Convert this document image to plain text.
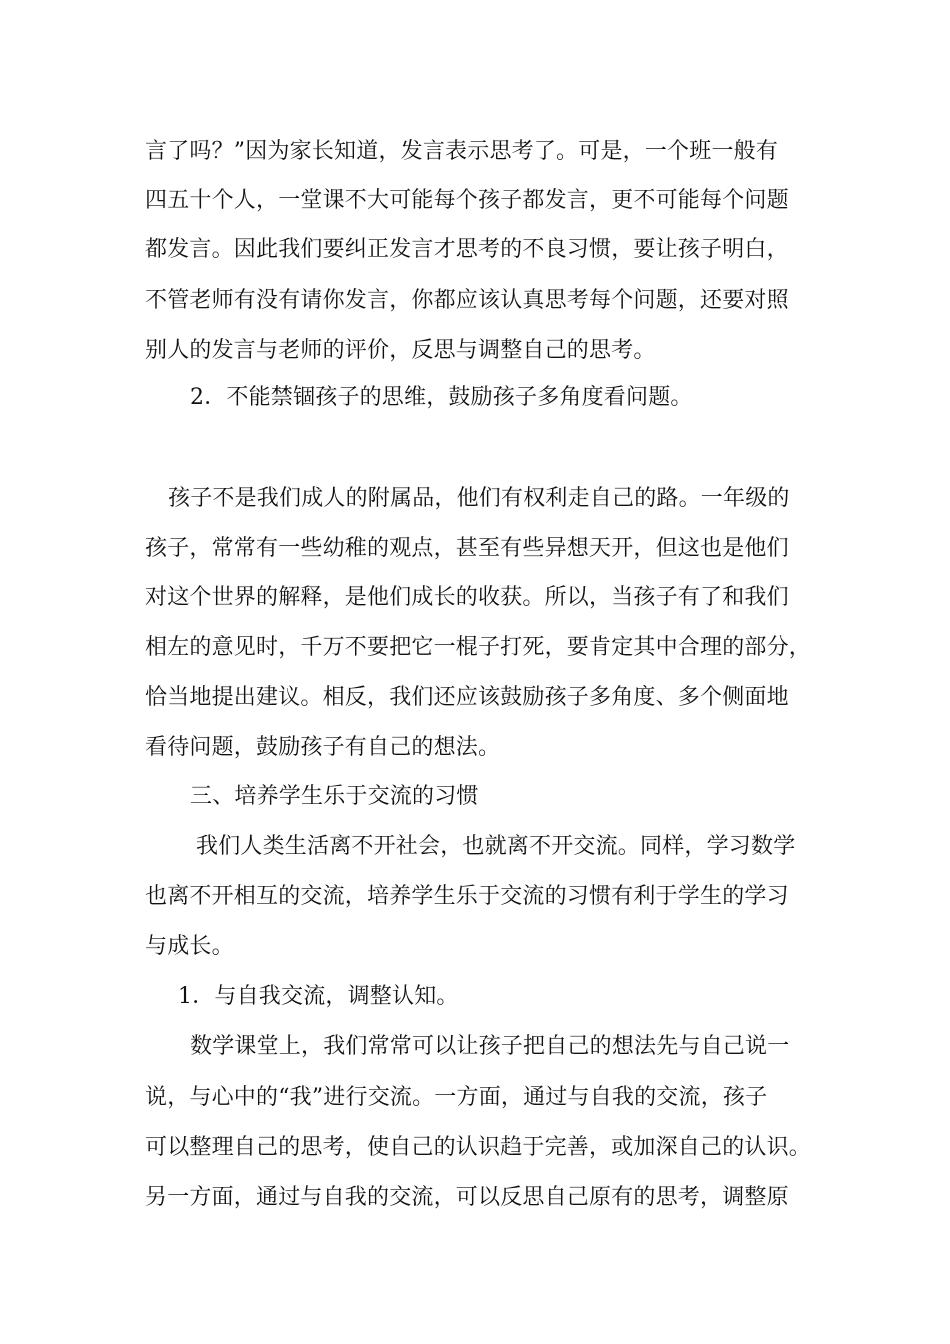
言了吗？”因为家长知道，发言表示思考了。可是，一个班一般有
四五十个人，一堂课不大可能每个孩子都发言，更不可能每个问题
都发言。因此我们要纠正发言才思考的不良习惯，要让孩子明白，
不管老师有没有请你发言，你都应该认真思考每个问题，还要对照
别人的发言与老师的评价，反思与调整自己的思考。
2．不能禁锢孩子的思维，鼓励孩子多角度看问题。
孩子不是我们成人的附属品，他们有权利走自己的路。一年级的
孩子，常常有一些幼稚的观点，甚至有些异想天开，但这也是他们
对这个世界的解释，是他们成长的收获。所以，当孩子有了和我们
相左的意见时，千万不要把它一棍子打死，要肯定其中合理的部分，
恰当地提出建议。相反，我们还应该鼓励孩子多角度、多个侧面地
看待问题，鼓励孩子有自己的想法。
三、培养学生乐于交流的习惯
我们人类生活离不开社会，也就离不开交流。同样，学习数学
也离不开相互的交流，培养学生乐于交流的习惯有利于学生的学习
与成长。
1．与自我交流，调整认知。
数学课堂上，我们常常可以让孩子把自己的想法先与自己说一
说，与心中的“我”进行交流。一方面，通过与自我的交流，孩子
可以整理自己的思考，使自己的认识趋于完善，或加深自己的认识。
另一方面，通过与自我的交流，可以反思自己原有的思考，调整原
